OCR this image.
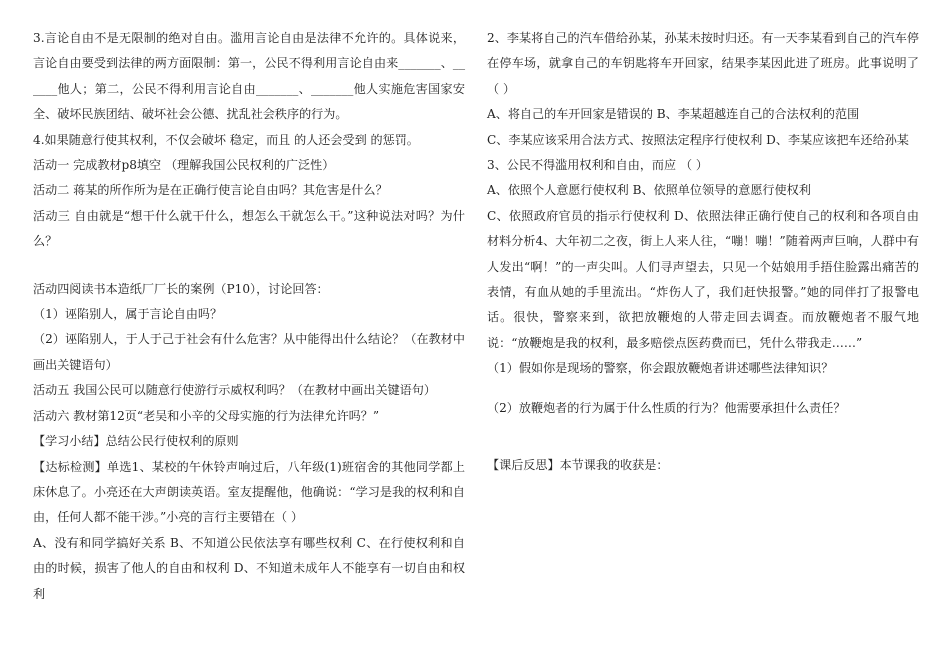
3.言论自由不是无限制的绝对自由。滥用言论自由是法律不允许的。具体说来，言论自由要受到法律的两方面限制：第一，公民不得利用言论自由来_______、______他人；第二，公民不得利用言论自由_______、_______他人实施危害国家安全、破坏民族团结、破坏社会公德、扰乱社会秩序的行为。

4.如果随意行使其权利，不仅会破坏 稳定，而且 的人还会受到 的惩罚。

活动一 完成教材p8填空 （理解我国公民权利的广泛性）

活动二 蒋某的所作所为是在正确行使言论自由吗？其危害是什么？

活动三 自由就是“想干什么就干什么，想怎么干就怎么干。”这种说法对吗？为什么？

活动四阅读书本造纸厂厂长的案例（P10），讨论回答：

（1）诬陷别人，属于言论自由吗？

（2）诬陷别人，于人于己于社会有什么危害？从中能得出什么结论？（在教材中画出关键语句）

活动五 我国公民可以随意行使游行示威权利吗？（在教材中画出关键语句）

活动六 教材第12页“老吴和小辛的父母实施的行为法律允许吗？”

【学习小结】总结公民行使权利的原则

【达标检测】单选1、某校的午休铃声响过后，八年级(1)班宿舍的其他同学都上床休息了。小亮还在大声朗读英语。室友提醒他，他确说：“学习是我的权利和自由，任何人都不能干涉。”小亮的言行主要错在（ ）

A、没有和同学搞好关系 B、不知道公民依法享有哪些权利 C、在行使权利和自由的时候，损害了他人的自由和权利 D、不知道未成年人不能享有一切自由和权利

2、李某将自己的汽车借给孙某，孙某未按时归还。有一天李某看到自己的汽车停在停车场，就拿自己的车钥匙将车开回家，结果李某因此进了班房。此事说明了（ ）

A、将自己的车开回家是错误的 B、李某超越连自己的合法权利的范围

C、李某应该采用合法方式、按照法定程序行使权利 D、李某应该把车还给孙某

3、公民不得滥用权利和自由，而应 （ ）

A、依照个人意愿行使权利 B、依照单位领导的意愿行使权利

C、依照政府官员的指示行使权利 D、依照法律正确行使自己的权利和各项自由材料分析4、大年初二之夜，街上人来人往，“嘣！嘣！”随着两声巨响，人群中有人发出“啊！”的一声尖叫。人们寻声望去，只见一个姑娘用手捂住脸露出痛苦的表情，有血从她的手里流出。“炸伤人了，我们赶快报警。”她的同伴打了报警电话。很快，警察来到，欲把放鞭炮的人带走回去调查。而放鞭炮者不服气地说：“放鞭炮是我的权利，最多赔偿点医药费而已，凭什么带我走……”

（1）假如你是现场的警察，你会跟放鞭炮者讲述哪些法律知识？

（2）放鞭炮者的行为属于什么性质的行为？他需要承担什么责任？

【课后反思】本节课我的收获是：
